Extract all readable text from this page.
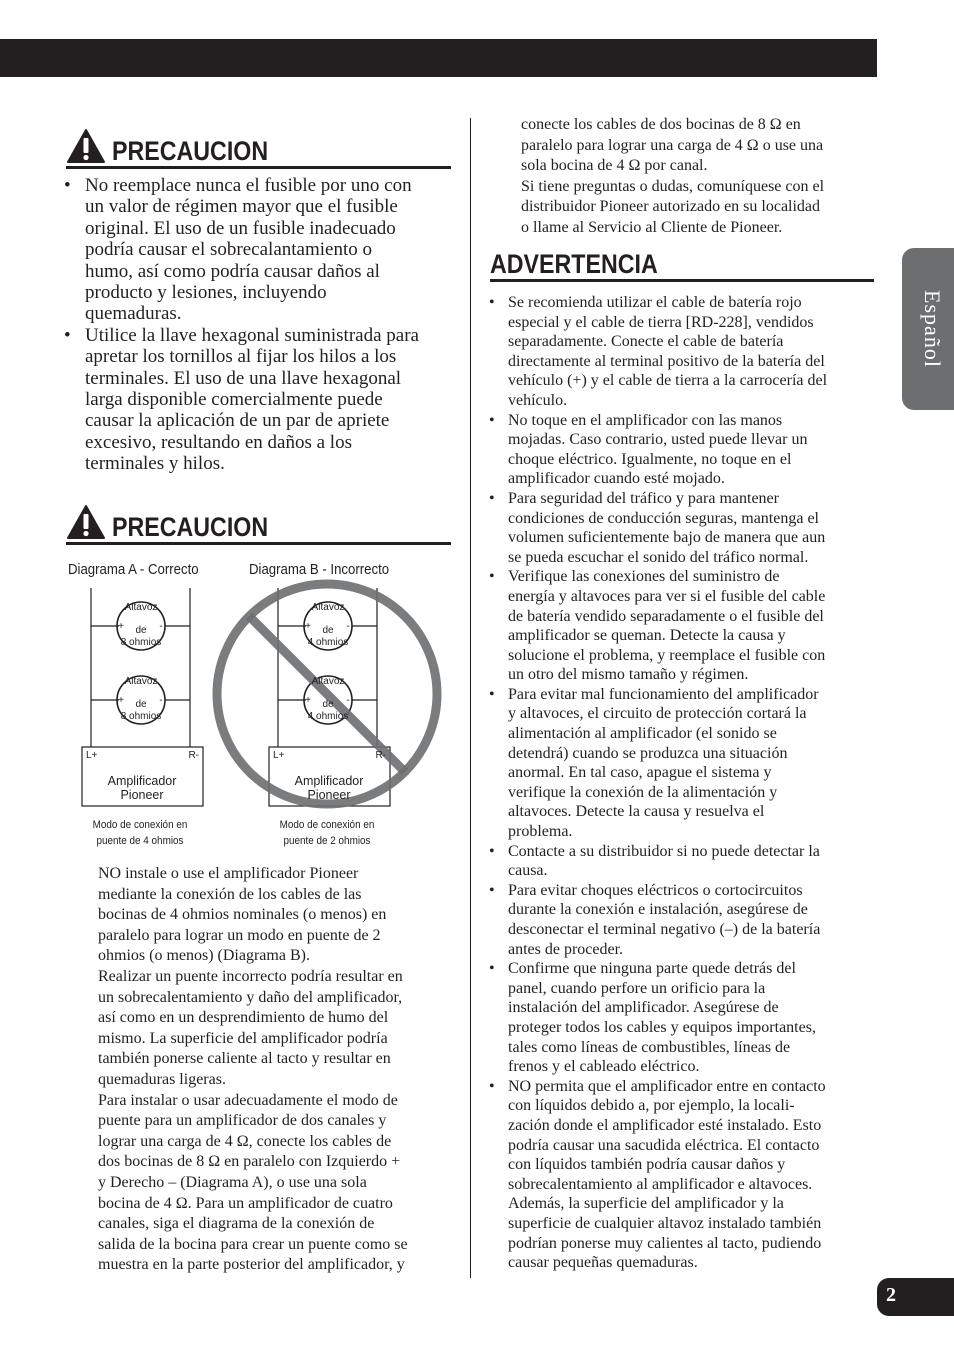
Español
2
PRECAUCION
• No reemplace nunca el fusible por uno con
un valor de régimen mayor que el fusible
original. El uso de un fusible inadecuado
podría causar el sobrecalantamiento o
humo, así como podría causar daños al
producto y lesiones, incluyendo
quemaduras.
• Utilice la llave hexagonal suministrada para
apretar los tornillos al fijar los hilos a los
terminales. El uso de una llave hexagonal
larga disponible comercialmente puede
causar la aplicación de un par de apriete
excesivo, resultando en daños a los
terminales y hilos.
PRECAUCION
Diagrama A - Correcto	Diagrama B - Incorrecto
Altavoz
de
8 ohmios
+	-
Altavoz
de
8 ohmios
+	-
Altavoz
de
4 ohmios
+	-
Altavoz
de
4 ohmios
+	-
L+	R-	L+	R-
Amplificador
Pioneer
Amplificador
Pioneer
Modo de conexión en
puente de 4 ohmios
Modo de conexión en
puente de 2 ohmios
NO instale o use el amplificador Pioneer
mediante la conexión de los cables de las
bocinas de 4 ohmios nominales (o menos) en
paralelo para lograr un modo en puente de 2
ohmios (o menos) (Diagrama B).
Realizar un puente incorrecto podría resultar en
un sobrecalentamiento y daño del amplificador,
así como en un desprendimiento de humo del
mismo. La superficie del amplificador podría
también ponerse caliente al tacto y resultar en
quemaduras ligeras.
Para instalar o usar adecuadamente el modo de
puente para un amplificador de dos canales y
lograr una carga de 4 Ω, conecte los cables de
dos bocinas de 8 Ω en paralelo con Izquierdo +
y Derecho – (Diagrama A), o use una sola
bocina de 4 Ω. Para un amplificador de cuatro
canales, siga el diagrama de la conexión de
salida de la bocina para crear un puente como se
muestra en la parte posterior del amplificador, y
conecte los cables de dos bocinas de 8 Ω en
paralelo para lograr una carga de 4 Ω o use una
sola bocina de 4 Ω por canal.
Si tiene preguntas o dudas, comuníquese con el
distribuidor Pioneer autorizado en su localidad
o llame al Servicio al Cliente de Pioneer.
ADVERTENCIA
• Se recomienda utilizar el cable de batería rojo
especial y el cable de tierra [RD-228], vendidos
separadamente. Conecte el cable de batería
directamente al terminal positivo de la batería del
vehículo (+) y el cable de tierra a la carrocería del
vehículo.
• No toque en el amplificador con las manos
mojadas. Caso contrario, usted puede llevar un
choque eléctrico. Igualmente, no toque en el
amplificador cuando esté mojado.
• Para seguridad del tráfico y para mantener
condiciones de conducción seguras, mantenga el
volumen suficientemente bajo de manera que aun
se pueda escuchar el sonido del tráfico normal.
• Verifique las conexiones del suministro de
energía y altavoces para ver si el fusible del cable
de batería vendido separadamente o el fusible del
amplificador se queman. Detecte la causa y
solucione el problema, y reemplace el fusible con
un otro del mismo tamaño y régimen.
• Para evitar mal funcionamiento del amplificador
y altavoces, el circuito de protección cortará la
alimentación al amplificador (el sonido se
detendrá) cuando se produzca una situación
anormal. En tal caso, apague el sistema y
verifique la conexión de la alimentación y
altavoces. Detecte la causa y resuelva el
problema.
• Contacte a su distribuidor si no puede detectar la
causa.
• Para evitar choques eléctricos o cortocircuitos
durante la conexión e instalación, asegúrese de
desconectar el terminal negativo (–) de la batería
antes de proceder.
• Confirme que ninguna parte quede detrás del
panel, cuando perfore un orificio para la
instalación del amplificador. Asegúrese de
proteger todos los cables y equipos importantes,
tales como líneas de combustibles, líneas de
frenos y el cableado eléctrico.
• NO permita que el amplificador entre en contacto
con líquidos debido a, por ejemplo, la locali-
zación donde el amplificador esté instalado. Esto
podría causar una sacudida eléctrica. El contacto
con líquidos también podría causar daños y
sobrecalentamiento al amplificador e altavoces.
Además, la superficie del amplificador y la
superficie de cualquier altavoz instalado también
podrían ponerse muy calientes al tacto, pudiendo
causar pequeñas quemaduras.
